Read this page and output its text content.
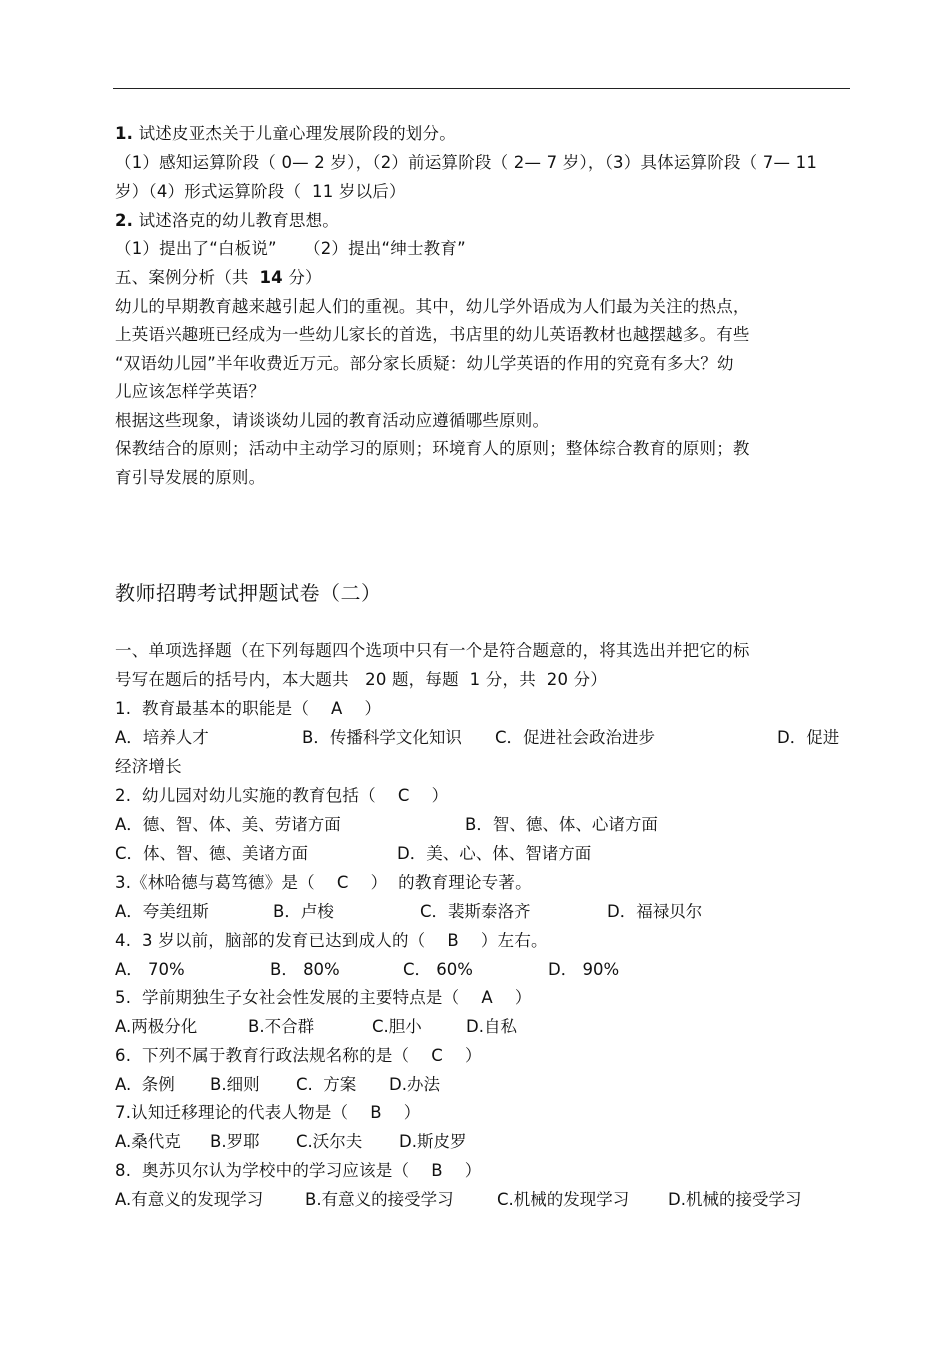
1. 试述皮亚杰关于儿童心理发展阶段的划分。
（1）感知运算阶段（ 0— 2 岁），（2）前运算阶段（ 2— 7 岁），（3）具体运算阶段（ 7— 11
岁）（4）形式运算阶段（  11 岁以后）
2. 试述洛克的幼儿教育思想。
（1）提出了“白板说”     （2）提出“绅士教育”
五、案例分析（共  14 分）
幼儿的早期教育越来越引起人们的重视。其中，幼儿学外语成为人们最为关注的热点，
上英语兴趣班已经成为一些幼儿家长的首选，书店里的幼儿英语教材也越摆越多。有些
“双语幼儿园”半年收费近万元。部分家长质疑：幼儿学英语的作用的究竟有多大？幼
儿应该怎样学英语？
根据这些现象，请谈谈幼儿园的教育活动应遵循哪些原则。
保教结合的原则；活动中主动学习的原则；环境育人的原则；整体综合教育的原则；教
育引导发展的原则。
教师招聘考试押题试卷（二）
一、单项选择题（在下列每题四个选项中只有一个是符合题意的，将其选出并把它的标
号写在题后的括号内，本大题共   20 题，每题  1 分，共  20 分）
1.  教育最基本的职能是（ A ）
A．培养人才	B．传播科学文化知识 C．促进社会政治进步	D．促进
经济增长
2.  幼儿园对幼儿实施的教育包括（ C ）
A．德、智、体、美、劳诸方面	B．智、德、体、心诸方面
C．体、智、德、美诸方面	D．美、心、体、智诸方面
3.《林哈德与葛笃德》是（ C ）  的教育理论专著。
A．夸美纽斯	B．卢梭	C．裴斯泰洛齐	D．福禄贝尔
4.  3 岁以前，脑部的发育已达到成人的（ B ）左右。
A． 70%	B． 80%	C． 60%	D． 90%
5.  学前期独生子女社会性发展的主要特点是（ A ）
A.两极分化	B.不合群	C.胆小	D.自私
6.  下列不属于教育行政法规名称的是（ C ）
A.  条例 B.细则 C.  方案 D.办法
7.认知迁移理论的代表人物是（ B ）
A.桑代克 B.罗耶 C.沃尔夫 D.斯皮罗
8.  奥苏贝尔认为学校中的学习应该是（ B ）
A.有意义的发现学习	B.有意义的接受学习	C.机械的发现学习 D.机械的接受学习
